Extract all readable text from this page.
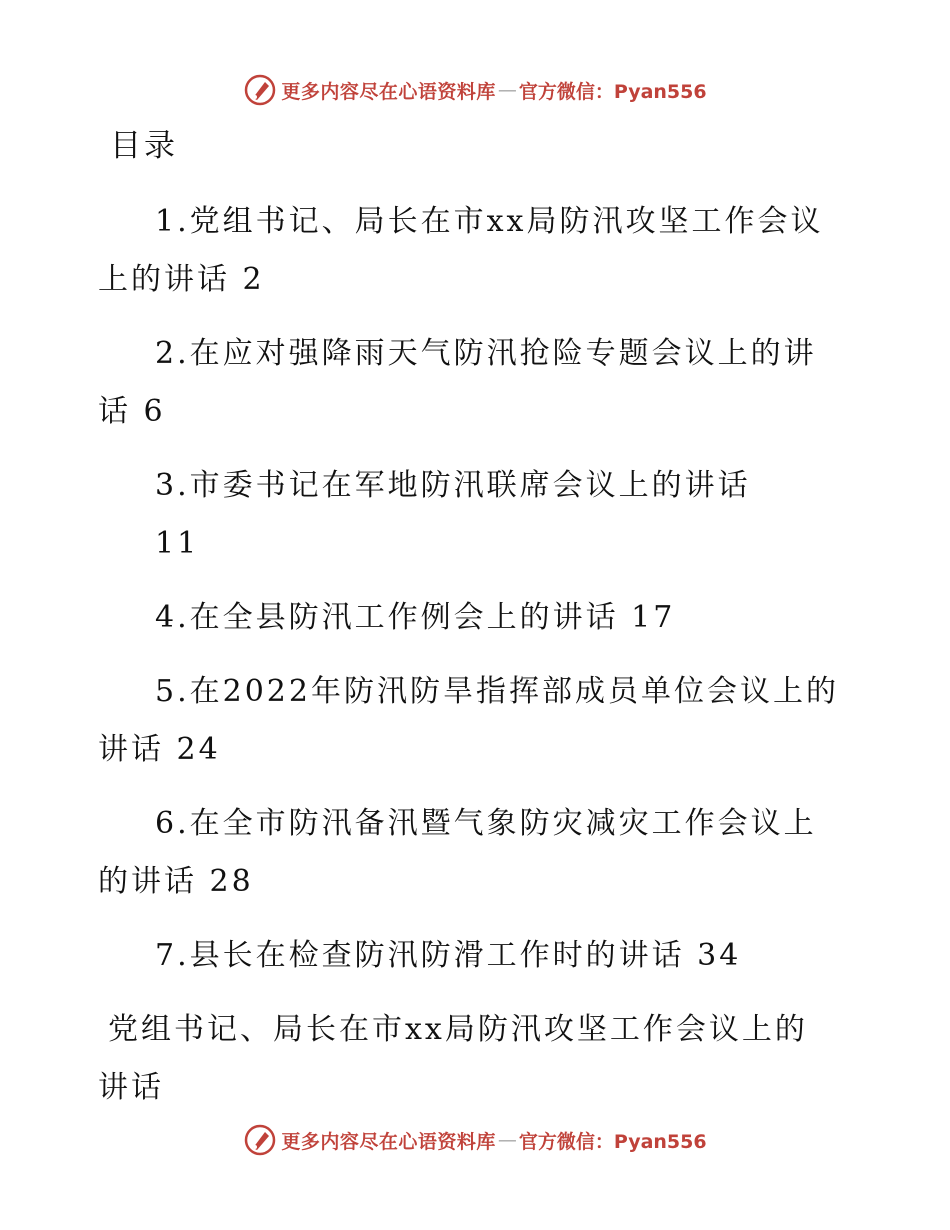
更多内容尽在心语资料库 — 官方微信：Pyan556
目录
1.党组书记、局长在市xx局防汛攻坚工作会议
上的讲话 2
2.在应对强降雨天气防汛抢险专题会议上的讲
话 6
3.市委书记在军地防汛联席会议上的讲话
11
4.在全县防汛工作例会上的讲话 17
5.在2022年防汛防旱指挥部成员单位会议上的
讲话 24
6.在全市防汛备汛暨气象防灾减灾工作会议上
的讲话 28
7.县长在检查防汛防滑工作时的讲话 34
党组书记、局长在市xx局防汛攻坚工作会议上的
讲话
更多内容尽在心语资料库 — 官方微信：Pyan556
